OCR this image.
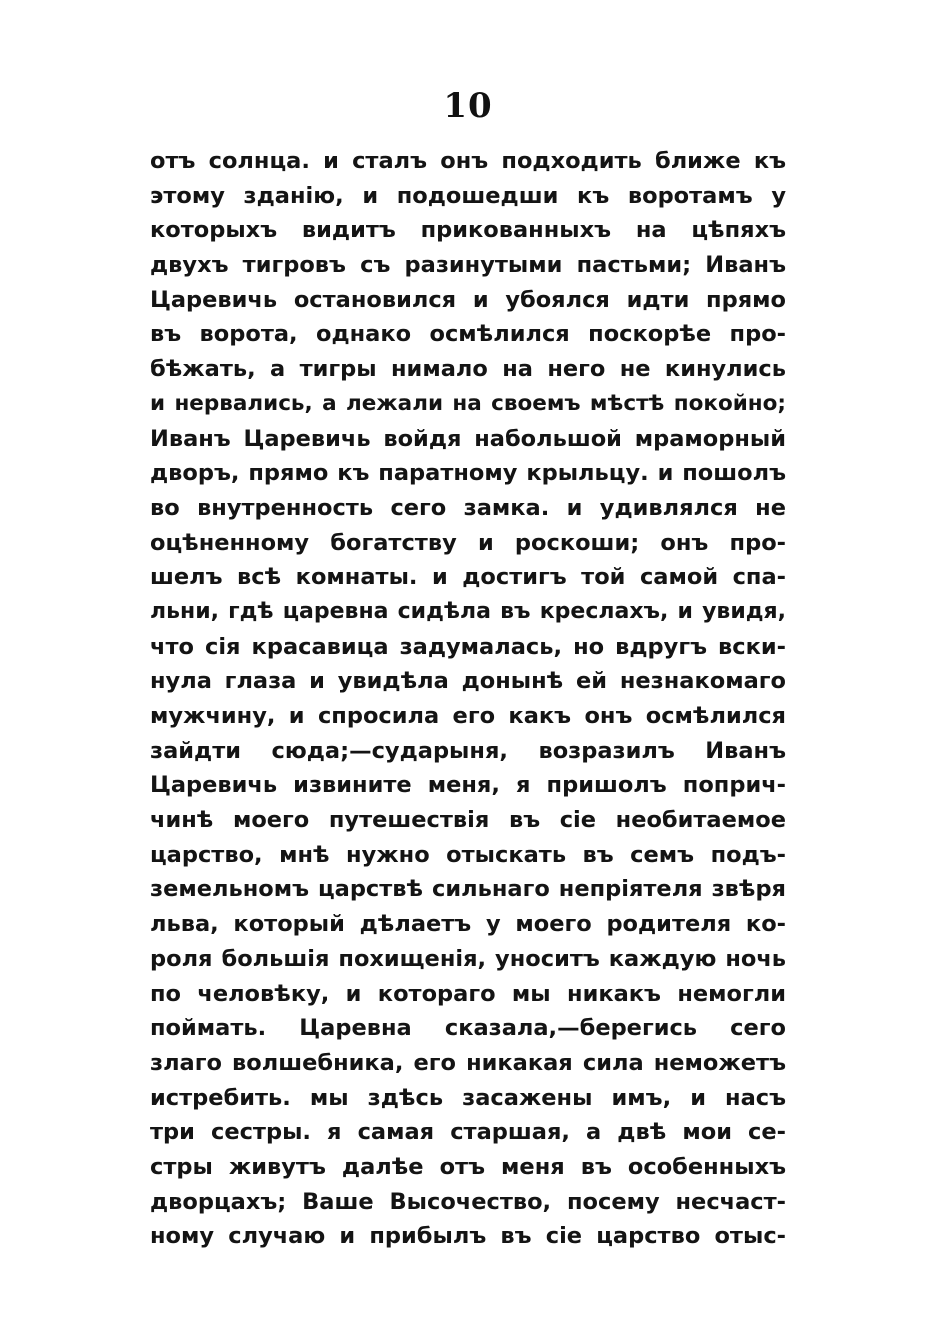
10
отъ солнца. и сталъ онъ подходить ближе къ
этому зданію, и подошедши къ воротамъ у
которыхъ видитъ прикованныхъ на цѣпяхъ
двухъ тигровъ съ разинутыми пастьми; Иванъ
Царевичь остановился и убоялся идти прямо
въ ворота, однако осмѣлился поскорѣе про-
бѣжать, а тигры нимало на него не кинулись
и нервались, а лежали на своемъ мѣстѣ покойно;
Иванъ Царевичь войдя набольшой мраморный
дворъ, прямо къ паратному крыльцу. и пошолъ
во внутренность сего замка. и удивлялся не
оцѣненному богатству и роскоши; онъ про-
шелъ всѣ комнаты. и достигъ той самой спа-
льни, гдѣ царевна сидѣла въ креслахъ, и увидя,
что сія красавица задумалась, но вдругъ вски-
нула глаза и увидѣла донынѣ ей незнакомаго
мужчину, и спросила его какъ онъ осмѣлился
зайдти сюда;—сударыня, возразилъ Иванъ
Царевичь извините меня, я пришолъ поприч-
чинѣ моего путешествія въ сіе необитаемое
царство, мнѣ нужно отыскать въ семъ подъ-
земельномъ царствѣ сильнаго непріятеля звѣря
льва, который дѣлаетъ у моего родителя ко-
роля большія похищенія, уноситъ каждую ночь
по человѣку, и котораго мы никакъ немогли
поймать. Царевна сказала,—берегись сего
злаго волшебника, его никакая сила неможетъ
истребить. мы здѣсь засажены имъ, и насъ
три сестры. я самая старшая, а двѣ мои се-
стры живутъ далѣе отъ меня въ особенныхъ
дворцахъ; Ваше Высочество, посему несчаст-
ному случаю и прибылъ въ сіе царство отыс-
